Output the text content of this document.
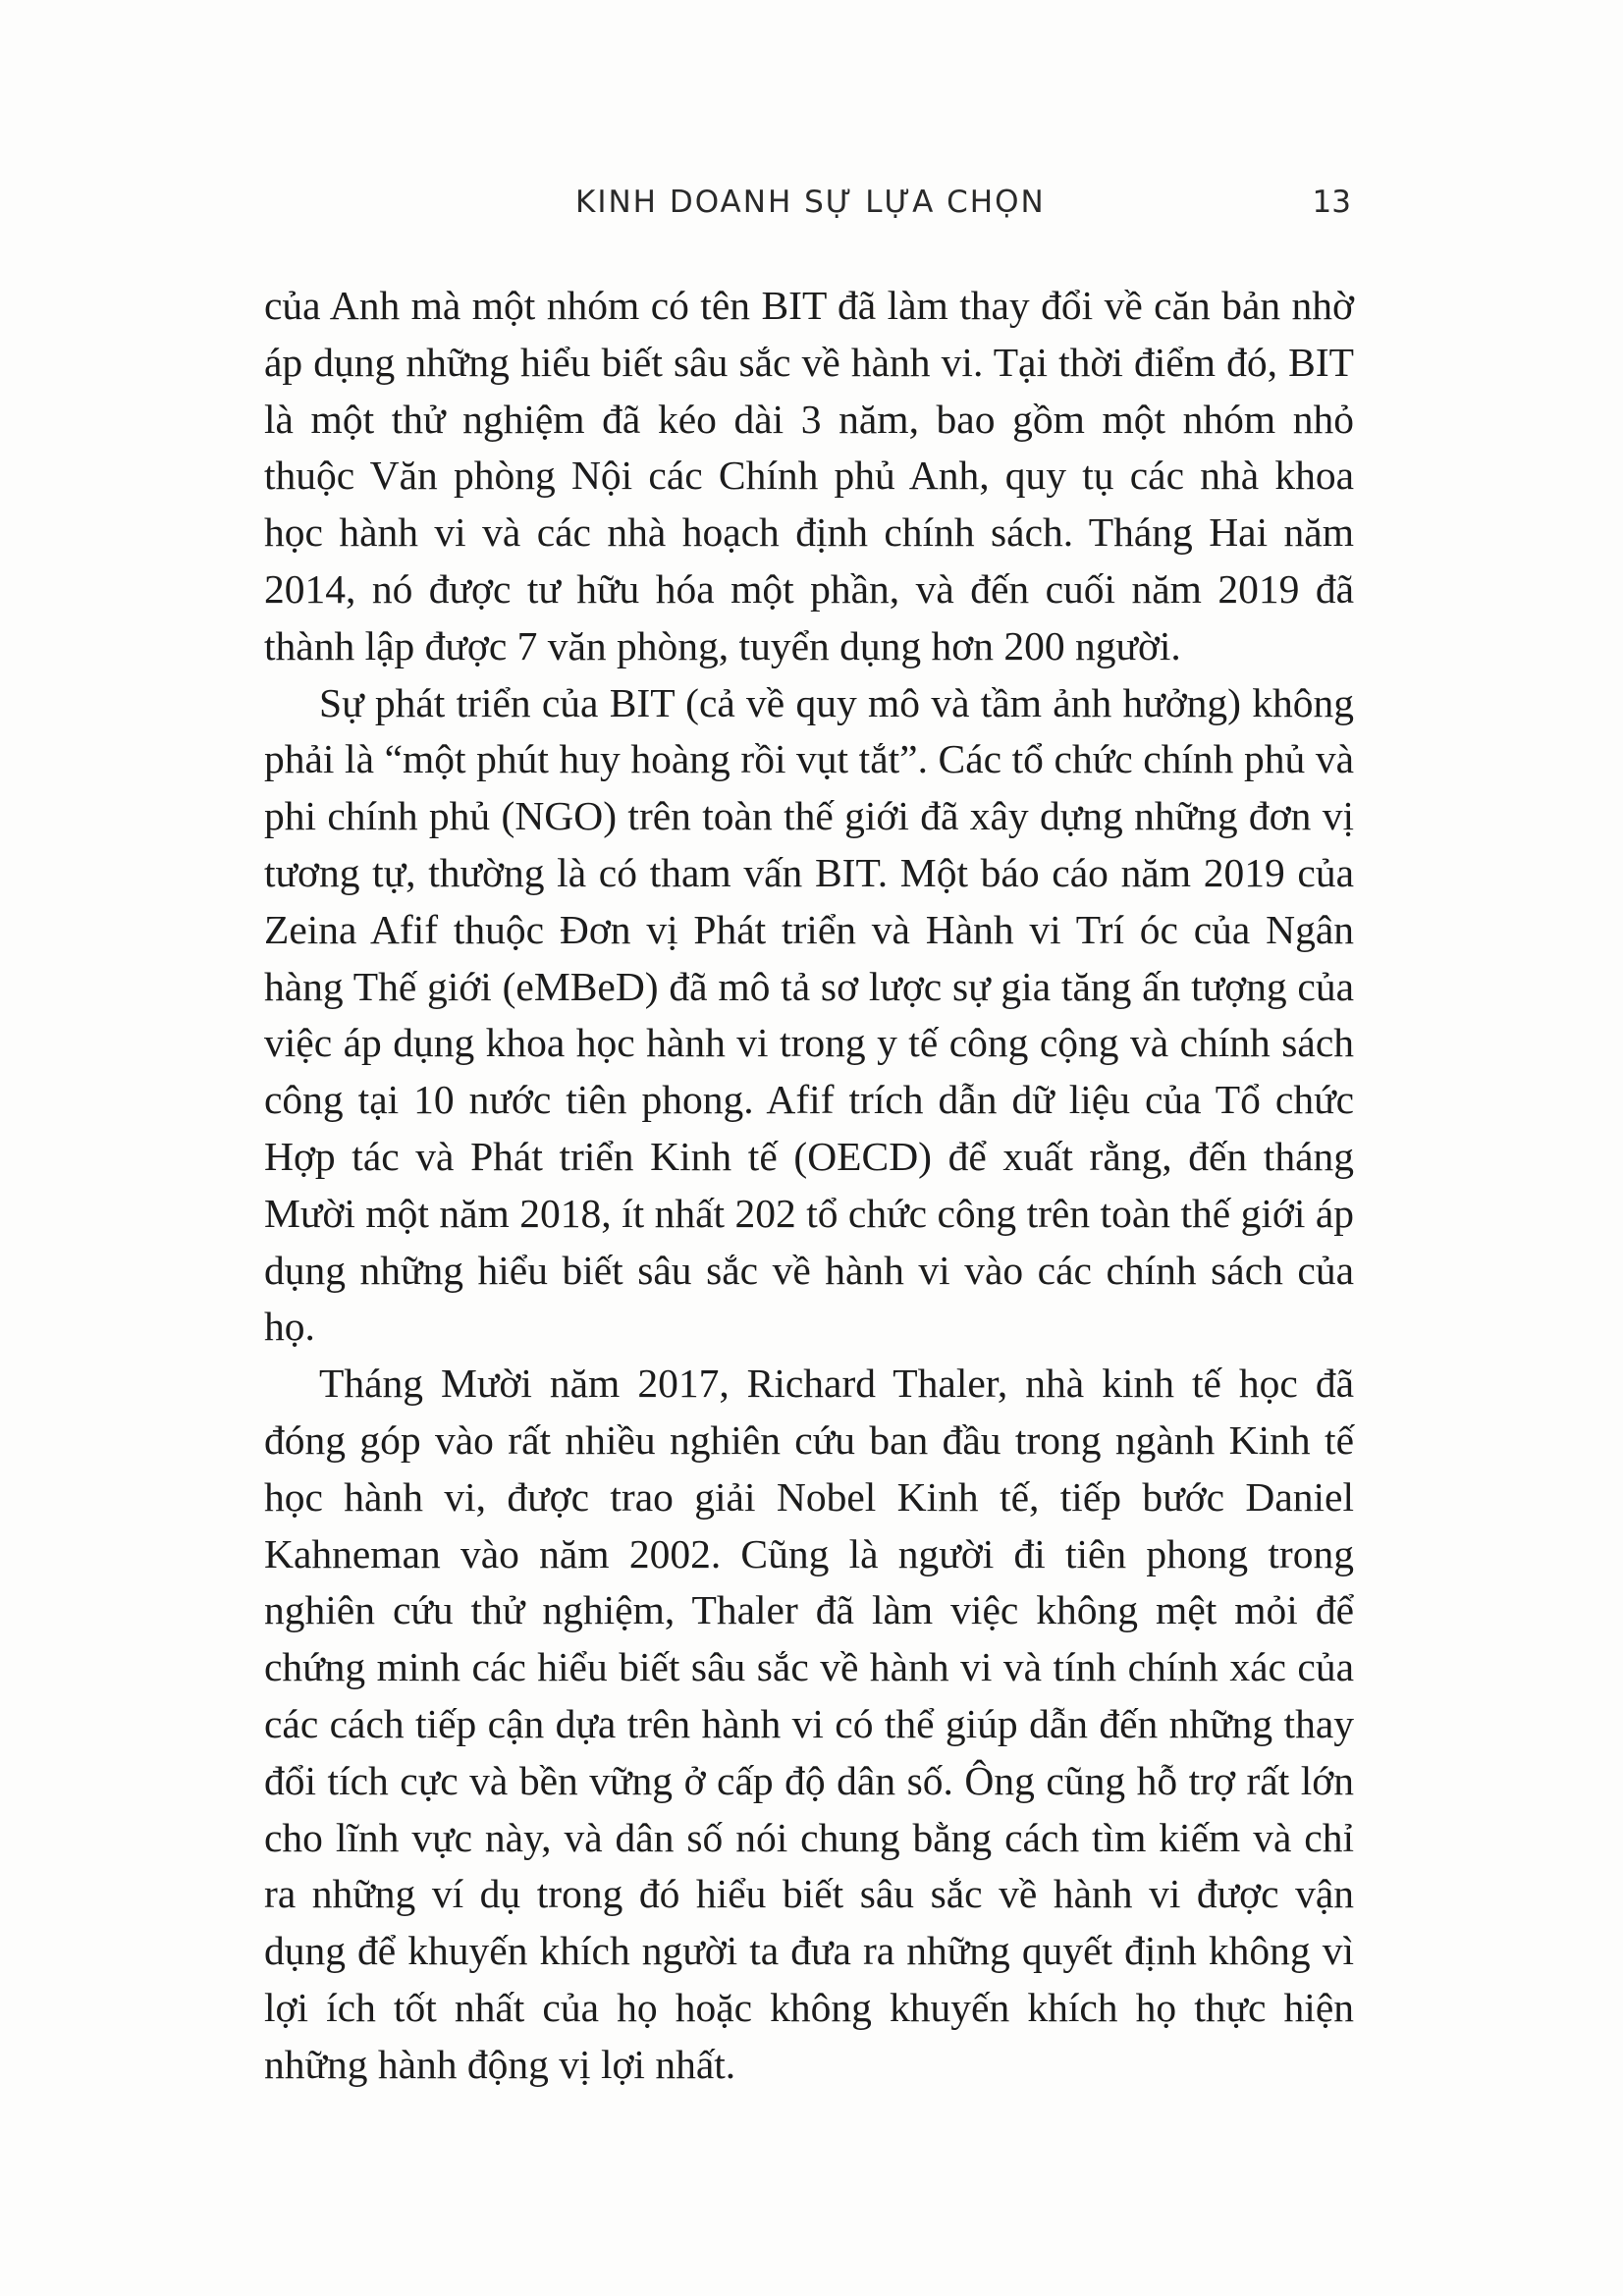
KINH DOANH SỰ LỰA CHỌN	13

của Anh mà một nhóm có tên BIT đã làm thay đổi về căn bản nhờ áp dụng những hiểu biết sâu sắc về hành vi. Tại thời điểm đó, BIT là một thử nghiệm đã kéo dài 3 năm, bao gồm một nhóm nhỏ thuộc Văn phòng Nội các Chính phủ Anh, quy tụ các nhà khoa học hành vi và các nhà hoạch định chính sách. Tháng Hai năm 2014, nó được tư hữu hóa một phần, và đến cuối năm 2019 đã thành lập được 7 văn phòng, tuyển dụng hơn 200 người.

Sự phát triển của BIT (cả về quy mô và tầm ảnh hưởng) không phải là “một phút huy hoàng rồi vụt tắt”. Các tổ chức chính phủ và phi chính phủ (NGO) trên toàn thế giới đã xây dựng những đơn vị tương tự, thường là có tham vấn BIT. Một báo cáo năm 2019 của Zeina Afif thuộc Đơn vị Phát triển và Hành vi Trí óc của Ngân hàng Thế giới (eMBeD) đã mô tả sơ lược sự gia tăng ấn tượng của việc áp dụng khoa học hành vi trong y tế công cộng và chính sách công tại 10 nước tiên phong. Afif trích dẫn dữ liệu của Tổ chức Hợp tác và Phát triển Kinh tế (OECD) để xuất rằng, đến tháng Mười một năm 2018, ít nhất 202 tổ chức công trên toàn thế giới áp dụng những hiểu biết sâu sắc về hành vi vào các chính sách của họ.

Tháng Mười năm 2017, Richard Thaler, nhà kinh tế học đã đóng góp vào rất nhiều nghiên cứu ban đầu trong ngành Kinh tế học hành vi, được trao giải Nobel Kinh tế, tiếp bước Daniel Kahneman vào năm 2002. Cũng là người đi tiên phong trong nghiên cứu thử nghiệm, Thaler đã làm việc không mệt mỏi để chứng minh các hiểu biết sâu sắc về hành vi và tính chính xác của các cách tiếp cận dựa trên hành vi có thể giúp dẫn đến những thay đổi tích cực và bền vững ở cấp độ dân số. Ông cũng hỗ trợ rất lớn cho lĩnh vực này, và dân số nói chung bằng cách tìm kiếm và chỉ ra những ví dụ trong đó hiểu biết sâu sắc về hành vi được vận dụng để khuyến khích người ta đưa ra những quyết định không vì lợi ích tốt nhất của họ hoặc không khuyến khích họ thực hiện những hành động vị lợi nhất.
